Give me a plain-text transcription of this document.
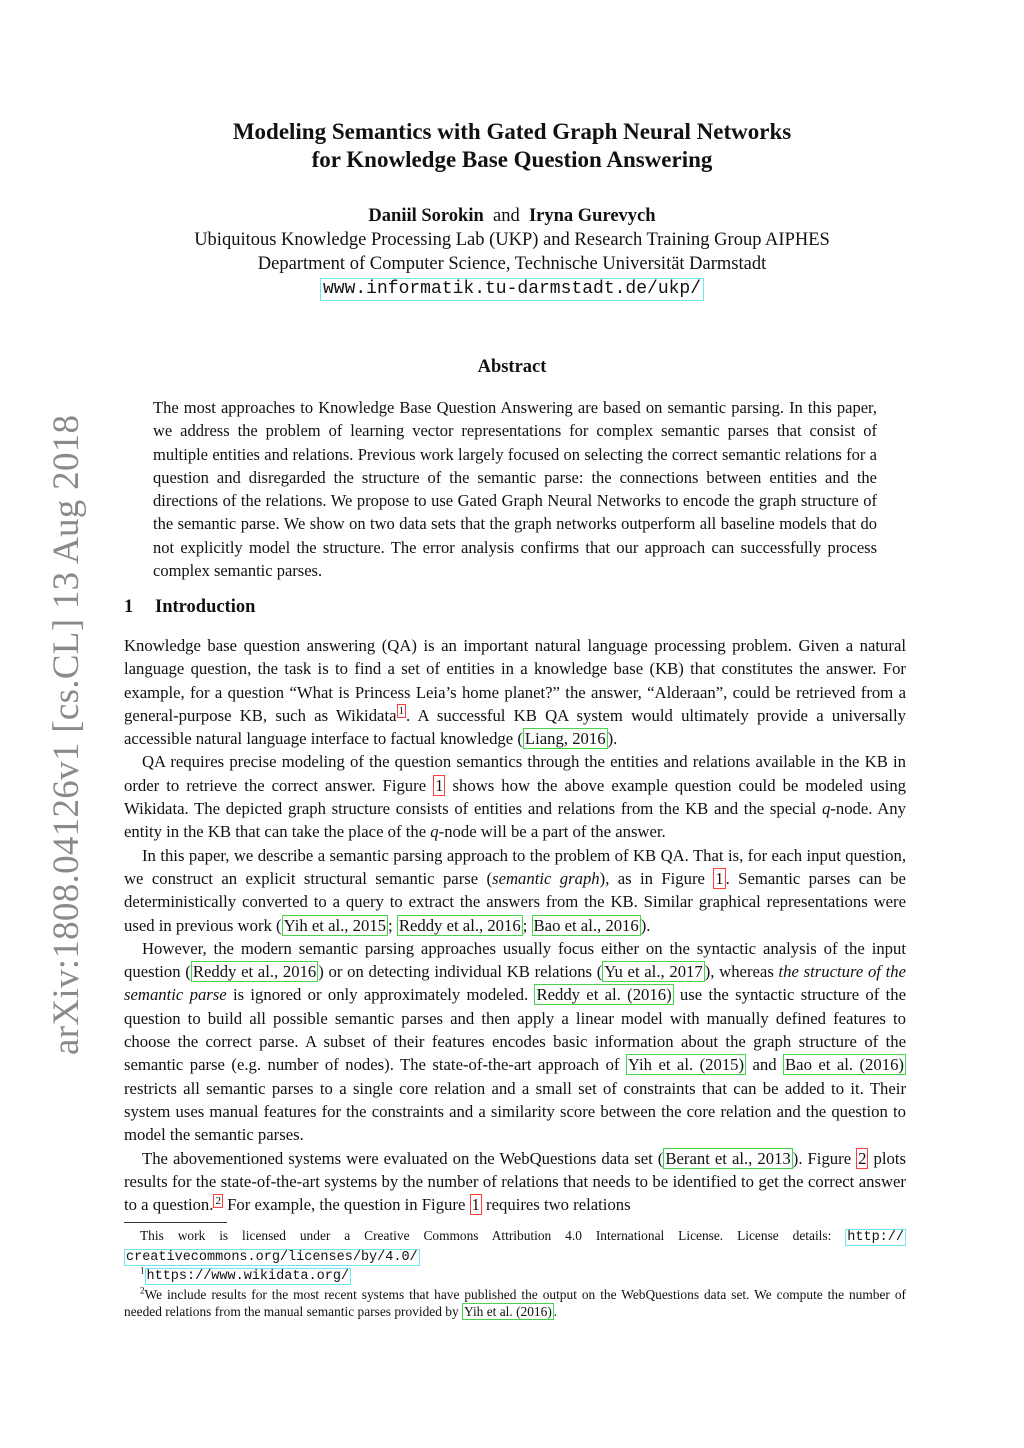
arXiv:1808.04126v1 [cs.CL] 13 Aug 2018
Modeling Semantics with Gated Graph Neural Networks
for Knowledge Base Question Answering
Daniil Sorokin and Iryna Gurevych
Ubiquitous Knowledge Processing Lab (UKP) and Research Training Group AIPHES
Department of Computer Science, Technische Universität Darmstadt
www.informatik.tu-darmstadt.de/ukp/
Abstract
The most approaches to Knowledge Base Question Answering are based on semantic parsing. In this paper, we address the problem of learning vector representations for complex semantic parses that consist of multiple entities and relations. Previous work largely focused on selecting the correct semantic relations for a question and disregarded the structure of the semantic parse: the connections between entities and the directions of the relations. We propose to use Gated Graph Neural Networks to encode the graph structure of the semantic parse. We show on two data sets that the graph networks outperform all baseline models that do not explicitly model the structure. The error analysis confirms that our approach can successfully process complex semantic parses.
1 Introduction

Knowledge base question answering (QA) is an important natural language processing problem. Given a natural language question, the task is to find a set of entities in a knowledge base (KB) that constitutes the answer. For example, for a question “What is Princess Leia’s home planet?” the answer, “Alderaan”, could be retrieved from a general-purpose KB, such as Wikidata $^1$ . A successful KB QA system would ultimately provide a universally accessible natural language interface to factual knowledge ( Liang, 2016 ).

QA requires precise modeling of the question semantics through the entities and relations available in the KB in order to retrieve the correct answer. Figure 1 shows how the above example question could be modeled using Wikidata. The depicted graph structure consists of entities and relations from the KB and the special q-node. Any entity in the KB that can take the place of the q-node will be a part of the answer.

In this paper, we describe a semantic parsing approach to the problem of KB QA. That is, for each input question, we construct an explicit structural semantic parse (semantic graph), as in Figure 1 . Semantic parses can be deterministically converted to a query to extract the answers from the KB. Similar graphical representations were used in previous work ( Yih et al., 2015 ; Reddy et al., 2016 ; Bao et al., 2016 ).

However, the modern semantic parsing approaches usually focus either on the syntactic analysis of the input question ( Reddy et al., 2016 ) or on detecting individual KB relations ( Yu et al., 2017 ), whereas the structure of the semantic parse is ignored or only approximately modeled. Reddy et al. (2016) use the syntactic structure of the question to build all possible semantic parses and then apply a linear model with manually defined features to choose the correct parse. A subset of their features encodes basic information about the graph structure of the semantic parse (e.g. number of nodes). The state-of-the-art approach of Yih et al. (2015) and Bao et al. (2016) restricts all semantic parses to a single core relation and a small set of constraints that can be added to it. Their system uses manual features for the constraints and a similarity score between the core relation and the question to model the semantic parses.

The abovementioned systems were evaluated on the WebQuestions data set ( Berant et al., 2013 ). Figure 2 plots results for the state-of-the-art systems by the number of relations that needs to be identified to get the correct answer to a question. $^2$ For example, the question in Figure 1 requires two relations

This work is licensed under a Creative Commons Attribution 4.0 International License. License details: http:// creativecommons.org/licenses/by/4.0/

$^1$ https://www.wikidata.org/

$^2$We include results for the most recent systems that have published the output on the WebQuestions data set. We compute the number of needed relations from the manual semantic parses provided by Yih et al. (2016) .
